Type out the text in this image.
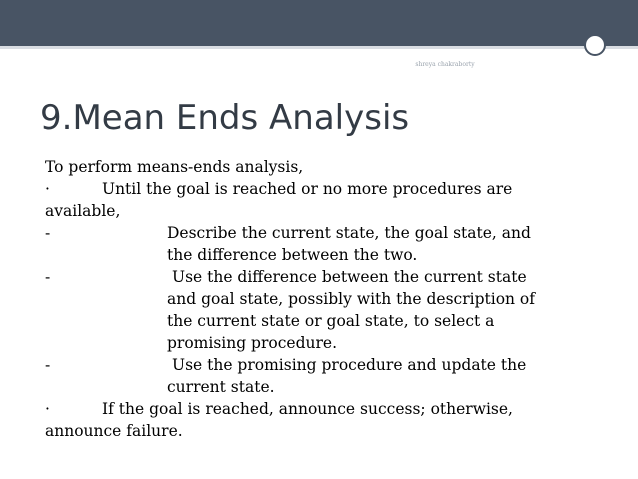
shreya chakraborty
9.Mean Ends Analysis
To perform means-ends analysis,
·	Until the goal is reached or no more procedures are
available,
-	Describe the current state, the goal state, and
the difference between the two.
-	Use the difference between the current state
and goal state, possibly with the description of
the current state or goal state, to select a
promising procedure.
-	Use the promising procedure and update the
current state.
·	If the goal is reached, announce success; otherwise,
announce failure.
